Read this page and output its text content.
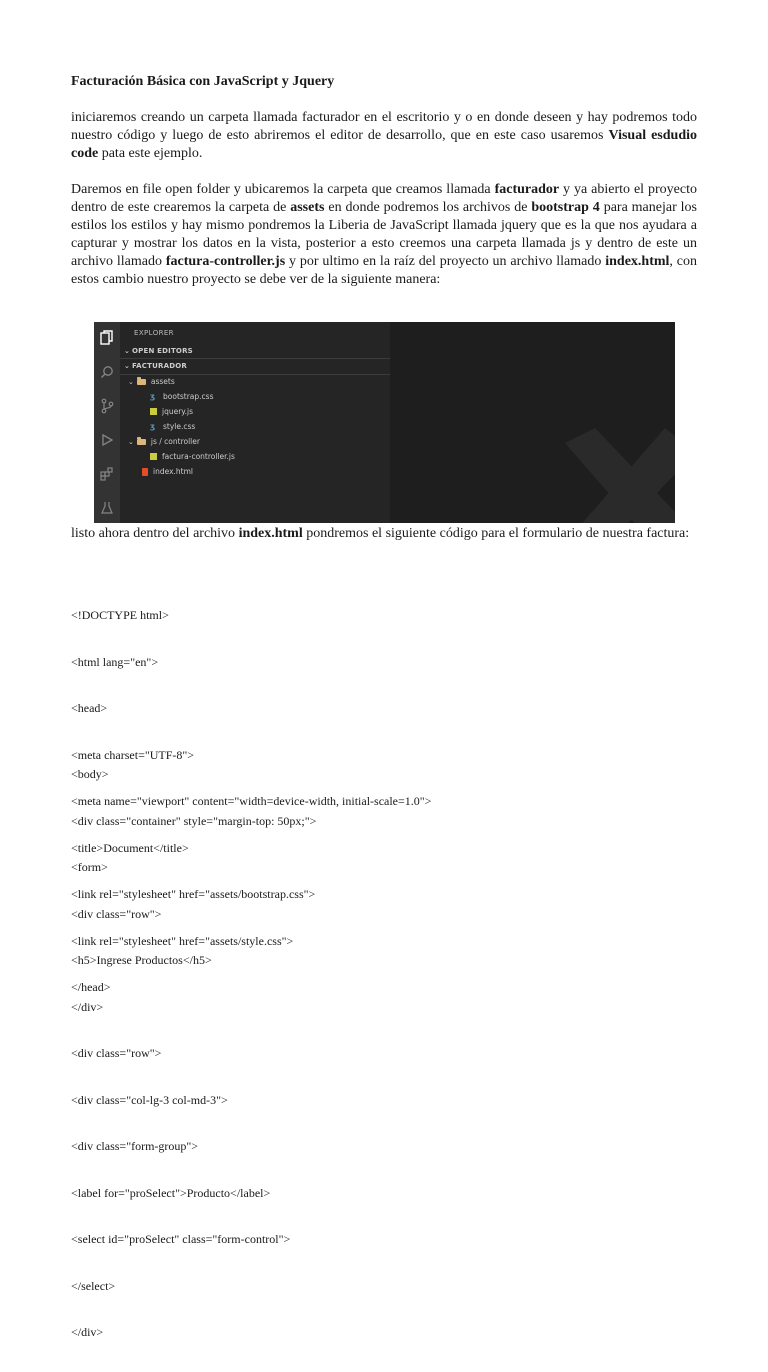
Facturación Básica con JavaScript y Jquery
iniciaremos creando un carpeta llamada facturador en el escritorio y o en donde deseen y hay podremos todo nuestro código y luego de esto abriremos el editor de desarrollo, que en este caso usaremos Visual esdudio code pata este ejemplo.
Daremos en file open folder y ubicaremos la carpeta que creamos llamada facturador y ya abierto el proyecto dentro de este crearemos la carpeta de assets en donde podremos los archivos de bootstrap 4 para manejar los estilos los estilos y hay mismo pondremos la Liberia de JavaScript llamada jquery que es la que nos ayudara a capturar y mostrar los datos en la vista, posterior a esto creemos una carpeta llamada js y dentro de este un archivo llamado factura-controller.js y por ultimo en la raíz del proyecto un archivo llamado index.html, con estos cambio nuestro proyecto se debe ver de la siguiente manera:
EXPLORER
⌄ OPEN EDITORS
⌄ FACTURADOR
⌄ assets
ʒ	bootstrap.css
jquery.js
ʒ	style.css
⌄ js / controller
factura-controller.js
index.html
listo ahora dentro del archivo index.html pondremos el siguiente código para el formulario de nuestra factura:

<!DOCTYPE html>

<html lang="en">

<head>

<meta charset="UTF-8">

<meta name="viewport" content="width=device-width, initial-scale=1.0">

<title>Document</title>

<link rel="stylesheet" href="assets/bootstrap.css">

<link rel="stylesheet" href="assets/style.css">

</head>

<body>

<div class="container" style="margin-top: 50px;">

<form>

<div class="row">

<h5>Ingrese Productos</h5>

</div>

<div class="row">

<div class="col-lg-3 col-md-3">

<div class="form-group">

<label for="proSelect">Producto</label>

<select id="proSelect" class="form-control">

</select>

</div>
